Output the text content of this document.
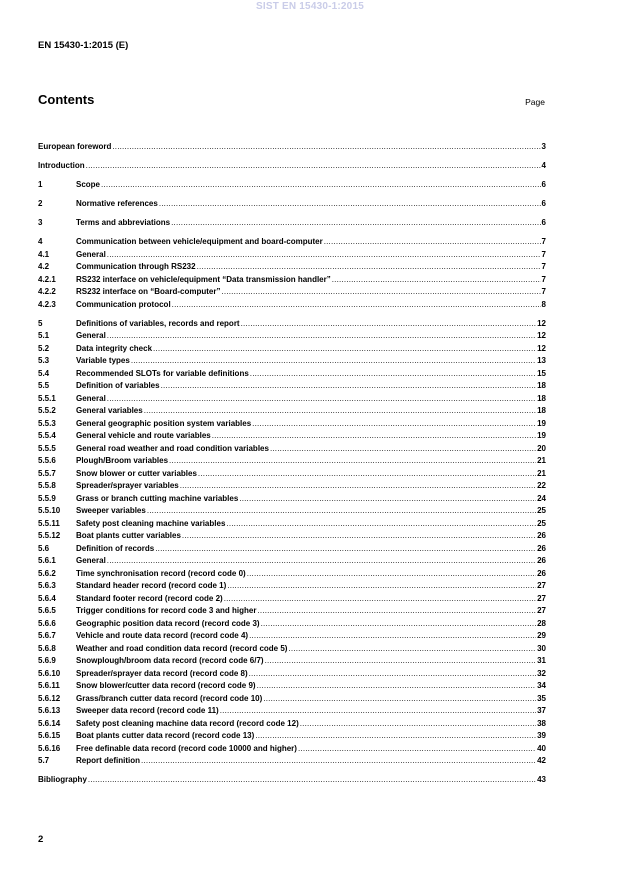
SIST EN 15430-1:2015
EN 15430-1:2015 (E)
Contents	Page
European foreword .....	3
Introduction .....	4
1	Scope .....	6
2	Normative references .....	6
3	Terms and abbreviations .....	6
4	Communication between vehicle/equipment and board-computer .....	7
4.1	General .....	7
4.2	Communication through RS232 .....	7
4.2.1	RS232 interface on vehicle/equipment “Data transmission handler” .....	7
4.2.2	RS232 interface on “Board-computer” .....	7
4.2.3	Communication protocol .....	8
5	Definitions of variables, records and report .....	12
5.1	General .....	12
5.2	Data integrity check .....	12
5.3	Variable types .....	13
5.4	Recommended SLOTs for variable definitions .....	15
5.5	Definition of variables .....	18
5.5.1	General .....	18
5.5.2	General variables .....	18
5.5.3	General geographic position system variables .....	19
5.5.4	General vehicle and route variables .....	19
5.5.5	General road weather and road condition variables .....	20
5.5.6	Plough/Broom variables .....	21
5.5.7	Snow blower or cutter variables .....	21
5.5.8	Spreader/sprayer variables .....	22
5.5.9	Grass or branch cutting machine variables .....	24
5.5.10	Sweeper variables .....	25
5.5.11	Safety post cleaning machine variables .....	25
5.5.12	Boat plants cutter variables .....	26
5.6	Definition of records .....	26
5.6.1	General .....	26
5.6.2	Time synchronisation record (record code 0) .....	26
5.6.3	Standard header record (record code 1) .....	27
5.6.4	Standard footer record (record code 2) .....	27
5.6.5	Trigger conditions for record code 3 and higher .....	27
5.6.6	Geographic position data record (record code 3) .....	28
5.6.7	Vehicle and route data record (record code 4) .....	29
5.6.8	Weather and road condition data record (record code 5) .....	30
5.6.9	Snowplough/broom data record (record code 6/7) .....	31
5.6.10	Spreader/sprayer data record (record code 8) .....	32
5.6.11	Snow blower/cutter data record (record code 9) .....	34
5.6.12	Grass/branch cutter data record (record code 10) .....	35
5.6.13	Sweeper data record (record code 11) .....	37
5.6.14	Safety post cleaning machine data record (record code 12) .....	38
5.6.15	Boat plants cutter data record (record code 13) .....	39
5.6.16	Free definable data record (record code 10000 and higher) .....	40
5.7	Report definition .....	42
Bibliography .....	43
2
